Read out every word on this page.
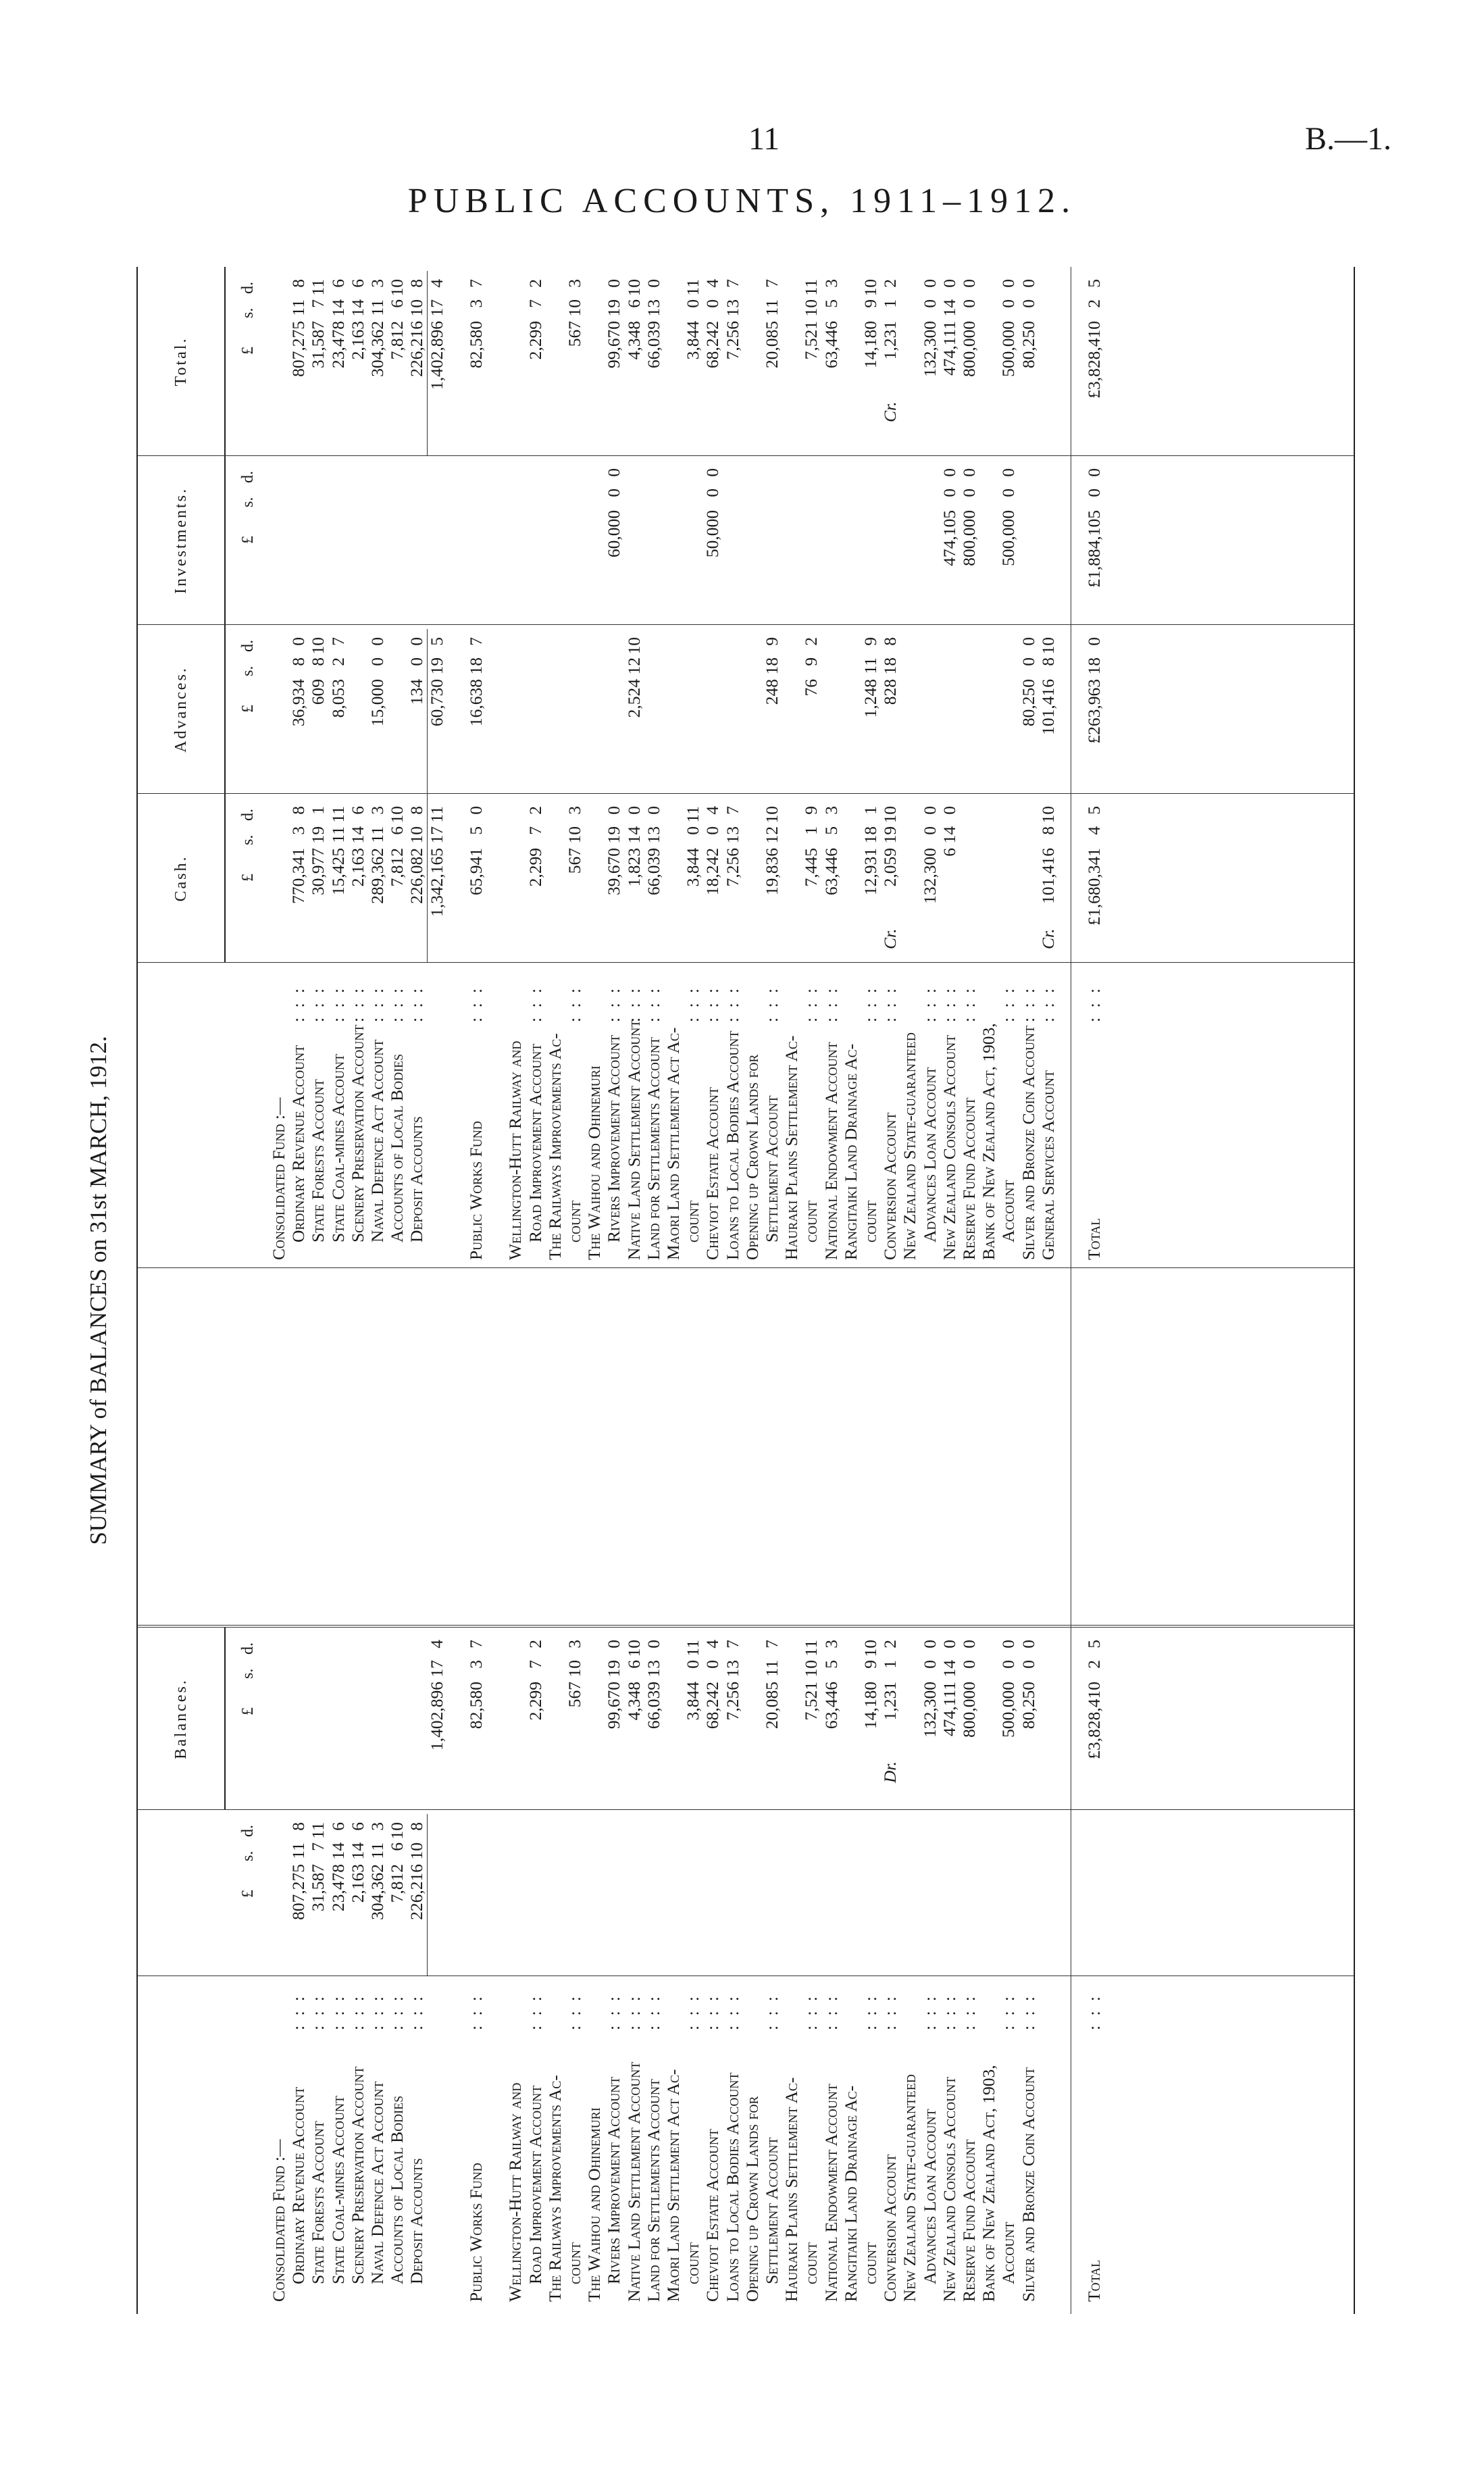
11	B.—1.
PUBLIC ACCOUNTS, 1911–1912.
SUMMARY of BALANCES on 31st MARCH, 1912.
Balances.
Cash.
Advances.
Investments.
Total.
£
s.
d.
£
s.
d.
£
s.
d.
£
s.
d.
£
s.
d.
£
s.
d.
Consolidated Fund :—
Consolidated Fund :—
Ordinary Revenue Account
: : :
Ordinary Revenue Account
: : :
807,275
11
8
770,341
3
8
36,934
8
0
807,275
11
8
State Forests Account
: : :
State Forests Account
: : :
31,587
7
11
30,977
19
1
609
8
10
31,587
7
11
State Coal-mines Account
: : :
State Coal-mines Account
: : :
23,478
14
6
15,425
11
11
8,053
2
7
23,478
14
6
Scenery Preservation Account
: : :
Scenery Preservation Account
: : :
2,163
14
6
2,163
14
6
2,163
14
6
Naval Defence Act Account
: : :
Naval Defence Act Account
: : :
304,362
11
3
289,362
11
3
15,000
0
0
304,362
11
3
Accounts of Local Bodies
: : :
Accounts of Local Bodies
: : :
7,812
6
10
7,812
6
10
7,812
6
10
Deposit Accounts
: : :
Deposit Accounts
: : :
226,216
10
8
226,082
10
8
134
0
0
226,216
10
8
1,402,896
17
4
1,342,165
17
11
60,730
19
5
1,402,896
17
4
Public Works Fund
: : :
Public Works Fund
: : :
82,580
3
7
65,941
5
0
16,638
18
7
82,580
3
7
Wellington-Hutt Railway and
Wellington-Hutt Railway and
Road Improvement Account
: : :
Road Improvement Account
: : :
2,299
7
2
2,299
7
2
2,299
7
2
The Railways Improvements Ac-
The Railways Improvements Ac-
count
: : :
count
: : :
567
10
3
567
10
3
567
10
3
The Waihou and Ohinemuri
The Waihou and Ohinemuri
Rivers Improvement Account
: : :
Rivers Improvement Account
: : :
99,670
19
0
39,670
19
0
60,000
0
0
99,670
19
0
Native Land Settlement Account
: : :
Native Land Settlement Account
: : :
4,348
6
10
1,823
14
0
2,524
12
10
4,348
6
10
Land for Settlements Account
: : :
Land for Settlements Account
: : :
66,039
13
0
66,039
13
0
66,039
13
0
Maori Land Settlement Act Ac-
Maori Land Settlement Act Ac-
count
: : :
count
: : :
3,844
0
11
3,844
0
11
3,844
0
11
Cheviot Estate Account
: : :
Cheviot Estate Account
: : :
68,242
0
4
18,242
0
4
50,000
0
0
68,242
0
4
Loans to Local Bodies Account
: : :
Loans to Local Bodies Account
: : :
7,256
13
7
7,256
13
7
7,256
13
7
Opening up Crown Lands for
Opening up Crown Lands for
Settlement Account
: : :
Settlement Account
: : :
20,085
11
7
19,836
12
10
248
18
9
20,085
11
7
Hauraki Plains Settlement Ac-
Hauraki Plains Settlement Ac-
count
: : :
count
: : :
7,521
10
11
7,445
1
9
76
9
2
7,521
10
11
National Endowment Account
: : :
National Endowment Account
: : :
63,446
5
3
63,446
5
3
63,446
5
3
Rangitaiki Land Drainage Ac-
Rangitaiki Land Drainage Ac-
count
: : :
count
: : :
14,180
9
10
12,931
18
1
1,248
11
9
14,180
9
10
Conversion Account
: : :
Conversion Account
: : :
1,231
1
2
Dr.
2,059
19
10
Cr.
828
18
8
1,231
1
2
Cr.
New Zealand State-guaranteed
New Zealand State-guaranteed
Advances Loan Account
: : :
Advances Loan Account
: : :
132,300
0
0
132,300
0
0
132,300
0
0
New Zealand Consols Account
: : :
New Zealand Consols Account
: : :
474,111
14
0
6
14
0
474,105
0
0
474,111
14
0
Reserve Fund Account
: : :
Reserve Fund Account
: : :
800,000
0
0
800,000
0
0
800,000
0
0
Bank of New Zealand Act, 1903,
Bank of New Zealand Act, 1903,
Account
: : :
Account
: : :
500,000
0
0
500,000
0
0
500,000
0
0
Silver and Bronze Coin Account
: : :
Silver and Bronze Coin Account
: : :
80,250
0
0
80,250
0
0
80,250
0
0
General Services Account
: : :
101,416
8
10
Cr.
101,416
8
10
Total
: : :
Total
: : :
£3,828,410
2
5
£1,680,341
4
5
£263,963
18
0
£1,884,105
0
0
£3,828,410
2
5
